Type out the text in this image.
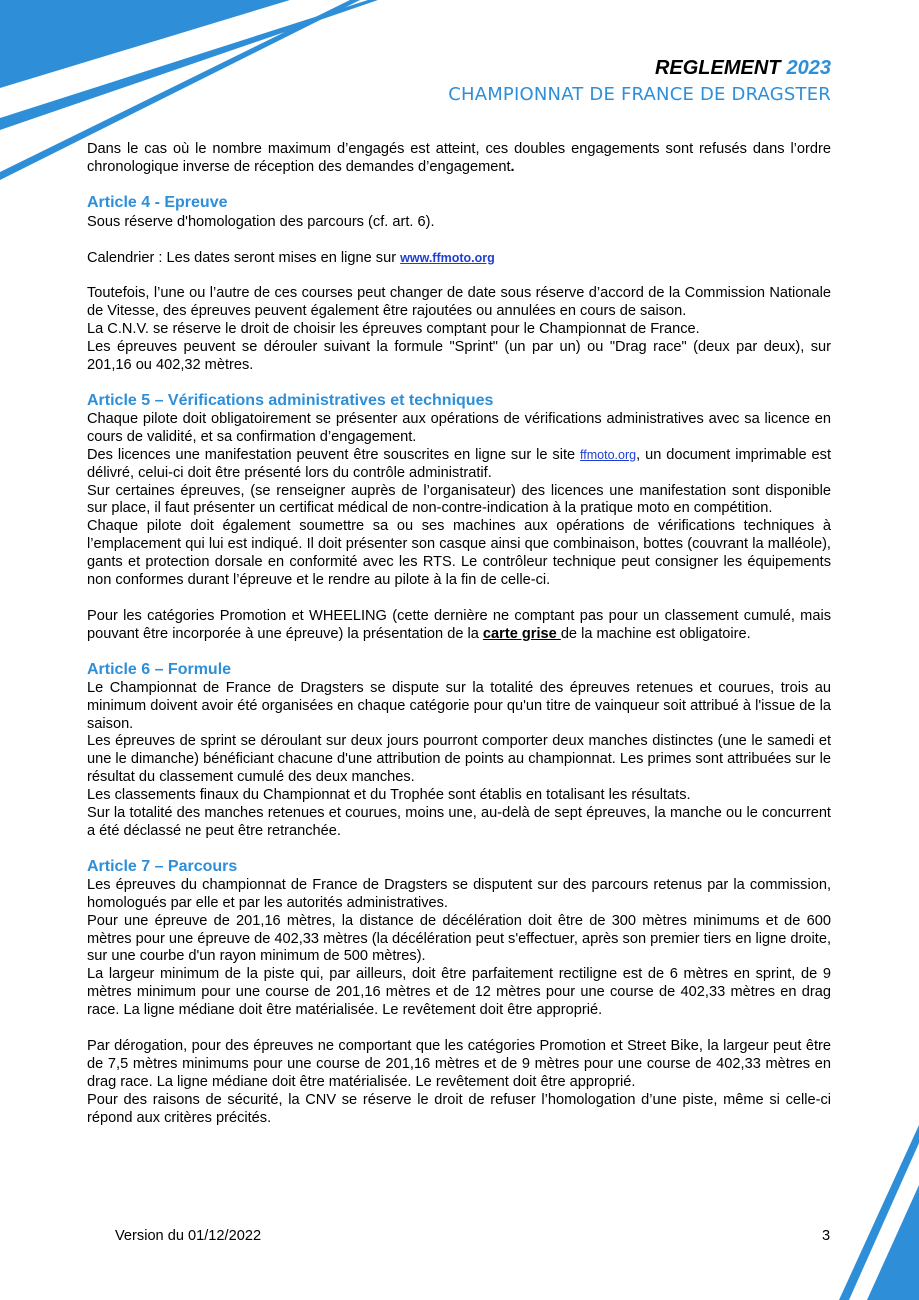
REGLEMENT 2023
CHAMPIONNAT DE FRANCE DE DRAGSTER

Dans le cas où le nombre maximum d’engagés est atteint, ces doubles engagements sont refusés dans l’ordre chronologique inverse de réception des demandes d’engagement.

Article 4 - Epreuve

Sous réserve d'homologation des parcours (cf. art. 6).

Calendrier : Les dates seront mises en ligne sur www.ffmoto.org

Toutefois, l’une ou l’autre de ces courses peut changer de date sous réserve d’accord de la Commission Nationale de Vitesse, des épreuves peuvent également être rajoutées ou annulées en cours de saison.

La C.N.V. se réserve le droit de choisir les épreuves comptant pour le Championnat de France.

Les épreuves peuvent se dérouler suivant la formule "Sprint" (un par un) ou "Drag race" (deux par deux), sur 201,16 ou 402,32 mètres.

Article 5 – Vérifications administratives et techniques

Chaque pilote doit obligatoirement se présenter aux opérations de vérifications administratives avec sa licence en cours de validité, et sa confirmation d’engagement.

Des licences une manifestation peuvent être souscrites en ligne sur le site ffmoto.org, un document imprimable est délivré, celui-ci doit être présenté lors du contrôle administratif.

Sur certaines épreuves, (se renseigner auprès de l’organisateur) des licences une manifestation sont disponible sur place, il faut présenter un certificat médical de non-contre-indication à la pratique moto en compétition.

Chaque pilote doit également soumettre sa ou ses machines aux opérations de vérifications techniques à l’emplacement qui lui est indiqué. Il doit présenter son casque ainsi que combinaison, bottes (couvrant la malléole), gants et protection dorsale en conformité avec les RTS. Le contrôleur technique peut consigner les équipements non conformes durant l’épreuve et le rendre au pilote à la fin de celle-ci.

Pour les catégories Promotion et WHEELING (cette dernière ne comptant pas pour un classement cumulé, mais pouvant être incorporée à une épreuve) la présentation de la carte grise de la machine est obligatoire.

Article 6 – Formule

Le Championnat de France de Dragsters se dispute sur la totalité des épreuves retenues et courues, trois au minimum doivent avoir été organisées en chaque catégorie pour qu'un titre de vainqueur soit attribué à l'issue de la saison.

Les épreuves de sprint se déroulant sur deux jours pourront comporter deux manches distinctes (une le samedi et une le dimanche) bénéficiant chacune d'une attribution de points au championnat. Les primes sont attribuées sur le résultat du classement cumulé des deux manches.

Les classements finaux du Championnat et du Trophée sont établis en totalisant les résultats.

Sur la totalité des manches retenues et courues, moins une, au-delà de sept épreuves, la manche ou le concurrent a été déclassé ne peut être retranchée.

Article 7 – Parcours

Les épreuves du championnat de France de Dragsters se disputent sur des parcours retenus par la commission, homologués par elle et par les autorités administratives.

Pour une épreuve de 201,16 mètres, la distance de décélération doit être de 300 mètres minimums et de 600 mètres pour une épreuve de 402,33 mètres (la décélération peut s'effectuer, après son premier tiers en ligne droite, sur une courbe d'un rayon minimum de 500 mètres).

La largeur minimum de la piste qui, par ailleurs, doit être parfaitement rectiligne est de 6 mètres en sprint, de 9 mètres minimum pour une course de 201,16 mètres et de 12 mètres pour une course de 402,33 mètres en drag race. La ligne médiane doit être matérialisée. Le revêtement doit être approprié.

Par dérogation, pour des épreuves ne comportant que les catégories Promotion et Street Bike, la largeur peut être de 7,5 mètres minimums pour une course de 201,16 mètres et de 9 mètres pour une course de 402,33 mètres en drag race. La ligne médiane doit être matérialisée. Le revêtement doit être approprié.

Pour des raisons de sécurité, la CNV se réserve le droit de refuser l’homologation d’une piste, même si celle-ci répond aux critères précités.

Version du 01/12/2022	3
